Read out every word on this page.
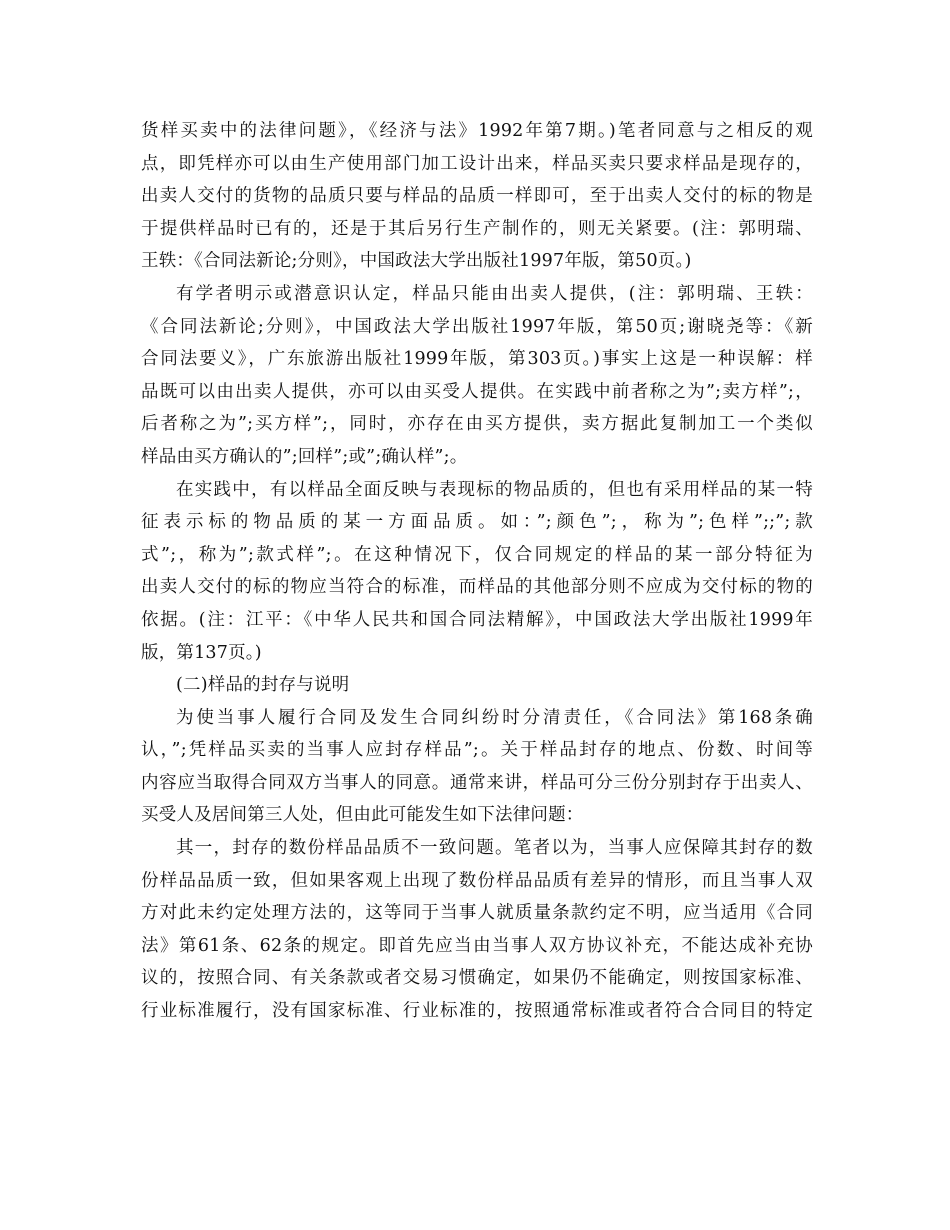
货样买卖中的法律问题》，《经济与法》1992年第7期。)笔者同意与之相反的观
点，即凭样亦可以由生产使用部门加工设计出来，样品买卖只要求样品是现存的，
出卖人交付的货物的品质只要与样品的品质一样即可，至于出卖人交付的标的物是
于提供样品时已有的，还是于其后另行生产制作的，则无关紧要。(注：郭明瑞、
王轶：《合同法新论;分则》，中国政法大学出版社1997年版，第50页。)
有学者明示或潜意识认定，样品只能由出卖人提供，(注：郭明瑞、王轶：
《合同法新论;分则》，中国政法大学出版社1997年版，第50页;谢晓尧等：《新
合同法要义》，广东旅游出版社1999年版，第303页。)事实上这是一种误解：样
品既可以由出卖人提供，亦可以由买受人提供。在实践中前者称之为”;卖方样”;，
后者称之为”;买方样”;，同时，亦存在由买方提供，卖方据此复制加工一个类似
样品由买方确认的”;回样”;或”;确认样”;。
在实践中，有以样品全面反映与表现标的物品质的，但也有采用样品的某一特
征表示标的物品质的某一方面品质。如：”;颜色”;，称为”;色样”;;”;款
式”;，称为”;款式样”;。在这种情况下，仅合同规定的样品的某一部分特征为
出卖人交付的标的物应当符合的标准，而样品的其他部分则不应成为交付标的物的
依据。(注：江平：《中华人民共和国合同法精解》，中国政法大学出版社1999年
版，第137页。)
(二)样品的封存与说明
为使当事人履行合同及发生合同纠纷时分清责任，《合同法》第168条确
认，”;凭样品买卖的当事人应封存样品”;。关于样品封存的地点、份数、时间等
内容应当取得合同双方当事人的同意。通常来讲，样品可分三份分别封存于出卖人、
买受人及居间第三人处，但由此可能发生如下法律问题：
其一，封存的数份样品品质不一致问题。笔者以为，当事人应保障其封存的数
份样品品质一致，但如果客观上出现了数份样品品质有差异的情形，而且当事人双
方对此未约定处理方法的，这等同于当事人就质量条款约定不明，应当适用《合同
法》第61条、62条的规定。即首先应当由当事人双方协议补充，不能达成补充协
议的，按照合同、有关条款或者交易习惯确定，如果仍不能确定，则按国家标准、
行业标准履行，没有国家标准、行业标准的，按照通常标准或者符合合同目的特定
